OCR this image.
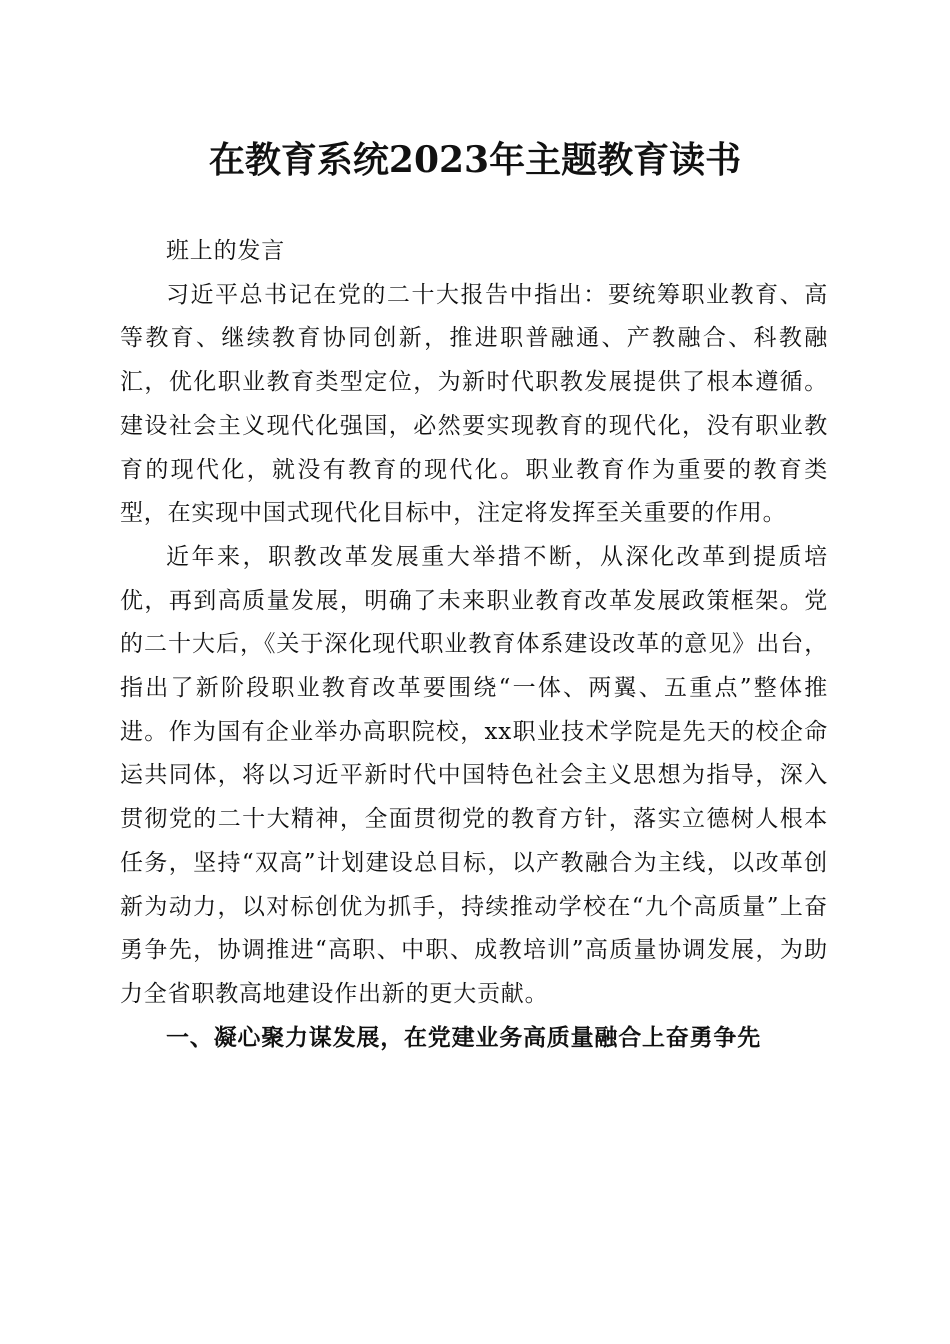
在教育系统2023年主题教育读书

班上的发言

习近平总书记在党的二十大报告中指出：要统筹职业教育、高等教育、继续教育协同创新，推进职普融通、产教融合、科教融汇，优化职业教育类型定位，为新时代职教发展提供了根本遵循。建设社会主义现代化强国，必然要实现教育的现代化，没有职业教育的现代化，就没有教育的现代化。职业教育作为重要的教育类型，在实现中国式现代化目标中，注定将发挥至关重要的作用。

近年来，职教改革发展重大举措不断，从深化改革到提质培优，再到高质量发展，明确了未来职业教育改革发展政策框架。党的二十大后，《关于深化现代职业教育体系建设改革的意见》出台，指出了新阶段职业教育改革要围绕“一体、两翼、五重点”整体推进。作为国有企业举办高职院校，xx职业技术学院是先天的校企命运共同体，将以习近平新时代中国特色社会主义思想为指导，深入贯彻党的二十大精神，全面贯彻党的教育方针，落实立德树人根本任务，坚持“双高”计划建设总目标，以产教融合为主线，以改革创新为动力，以对标创优为抓手，持续推动学校在“九个高质量”上奋勇争先，协调推进“高职、中职、成教培训”高质量协调发展，为助力全省职教高地建设作出新的更大贡献。

一、凝心聚力谋发展，在党建业务高质量融合上奋勇争先
